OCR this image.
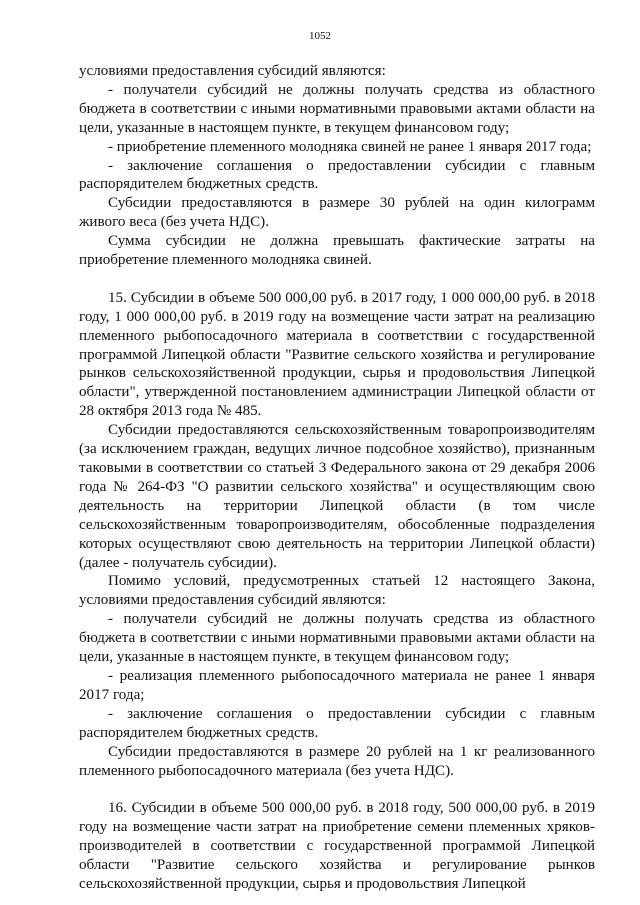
1052

условиями предоставления субсидий являются:

- получатели субсидий не должны получать средства из областного бюджета в соответствии с иными нормативными правовыми актами области на цели, указанные в настоящем пункте, в текущем финансовом году;

- приобретение племенного молодняка свиней не ранее 1 января 2017 года;

- заключение соглашения о предоставлении субсидии с главным распорядителем бюджетных средств.

Субсидии предоставляются в размере 30 рублей на один килограмм живого веса (без учета НДС).

Сумма субсидии не должна превышать фактические затраты на приобретение племенного молодняка свиней.

15. Субсидии в объеме 500 000,00 руб. в 2017 году, 1 000 000,00 руб. в 2018 году, 1 000 000,00 руб. в 2019 году на возмещение части затрат на реализацию племенного рыбопосадочного материала в соответствии с государственной программой Липецкой области "Развитие сельского хозяйства и регулирование рынков сельскохозяйственной продукции, сырья и продовольствия Липецкой области", утвержденной постановлением администрации Липецкой области от 28 октября 2013 года № 485.

Субсидии предоставляются сельскохозяйственным товаропроизводителям (за исключением граждан, ведущих личное подсобное хозяйство), признанным таковыми в соответствии со статьей 3 Федерального закона от 29 декабря 2006 года № 264-ФЗ "О развитии сельского хозяйства" и осуществляющим свою деятельность на территории Липецкой области (в том числе сельскохозяйственным товаропроизводителям, обособленные подразделения которых осуществляют свою деятельность на территории Липецкой области) (далее - получатель субсидии).

Помимо условий, предусмотренных статьей 12 настоящего Закона, условиями предоставления субсидий являются:

- получатели субсидий не должны получать средства из областного бюджета в соответствии с иными нормативными правовыми актами области на цели, указанные в настоящем пункте, в текущем финансовом году;

- реализация племенного рыбопосадочного материала не ранее 1 января 2017 года;

- заключение соглашения о предоставлении субсидии с главным распорядителем бюджетных средств.

Субсидии предоставляются в размере 20 рублей на 1 кг реализованного племенного рыбопосадочного материала (без учета НДС).

16. Субсидии в объеме 500 000,00 руб. в 2018 году, 500 000,00 руб. в 2019 году на возмещение части затрат на приобретение семени племенных хряков-производителей в соответствии с государственной программой Липецкой области "Развитие сельского хозяйства и регулирование рынков сельскохозяйственной продукции, сырья и продовольствия Липецкой
